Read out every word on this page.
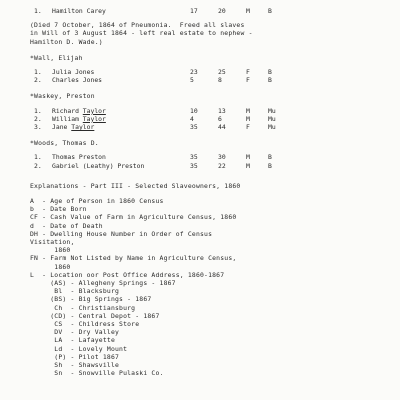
1. Hamilton Carey	17	20	M	B
(Died 7 October, 1864 of Pneumonia.  Freed all slaves
in Will of 3 August 1864 - left real estate to nephew -
Hamilton D. Wade.)
*Wall, Elijah
1. Julia Jones	23	25	F	B
2. Charles Jones	5	8	F	B
*Waskey, Preston
1. Richard Taylor	10	13	M	Mu
2. William Taylor	4	6	M	Mu
3. Jane Taylor	35	44	F	Mu
*Woods, Thomas D.
1. Thomas Preston	35	30	M	B
2. Gabriel (Leathy) Preston	35	22	M	B
Explanations - Part III - Selected Slaveowners, 1860
A  - Age of Person in 1860 Census
b  - Date Born
CF - Cash Value of Farm in Agriculture Census, 1860
d  - Date of Death
DH - Dwelling House Number in Order of Census
Visitation,
1860
FN - Farm Not Listed by Name in Agriculture Census,
1860
L  - Location oor Post Office Address, 1860-1867
(AS) - Allegheny Springs - 1867
Bl  - Blacksburg
(BS) - Big Springs - 1867
Ch  - Christiansburg
(CD) - Central Depot - 1867
CS  - Childress Store
DV  - Dry Valley
LA  - Lafayette
Ld  - Lovely Mount
(P) - Pilot 1867
Sh  - Shawsville
Sn  - Snowville Pulaski Co.
